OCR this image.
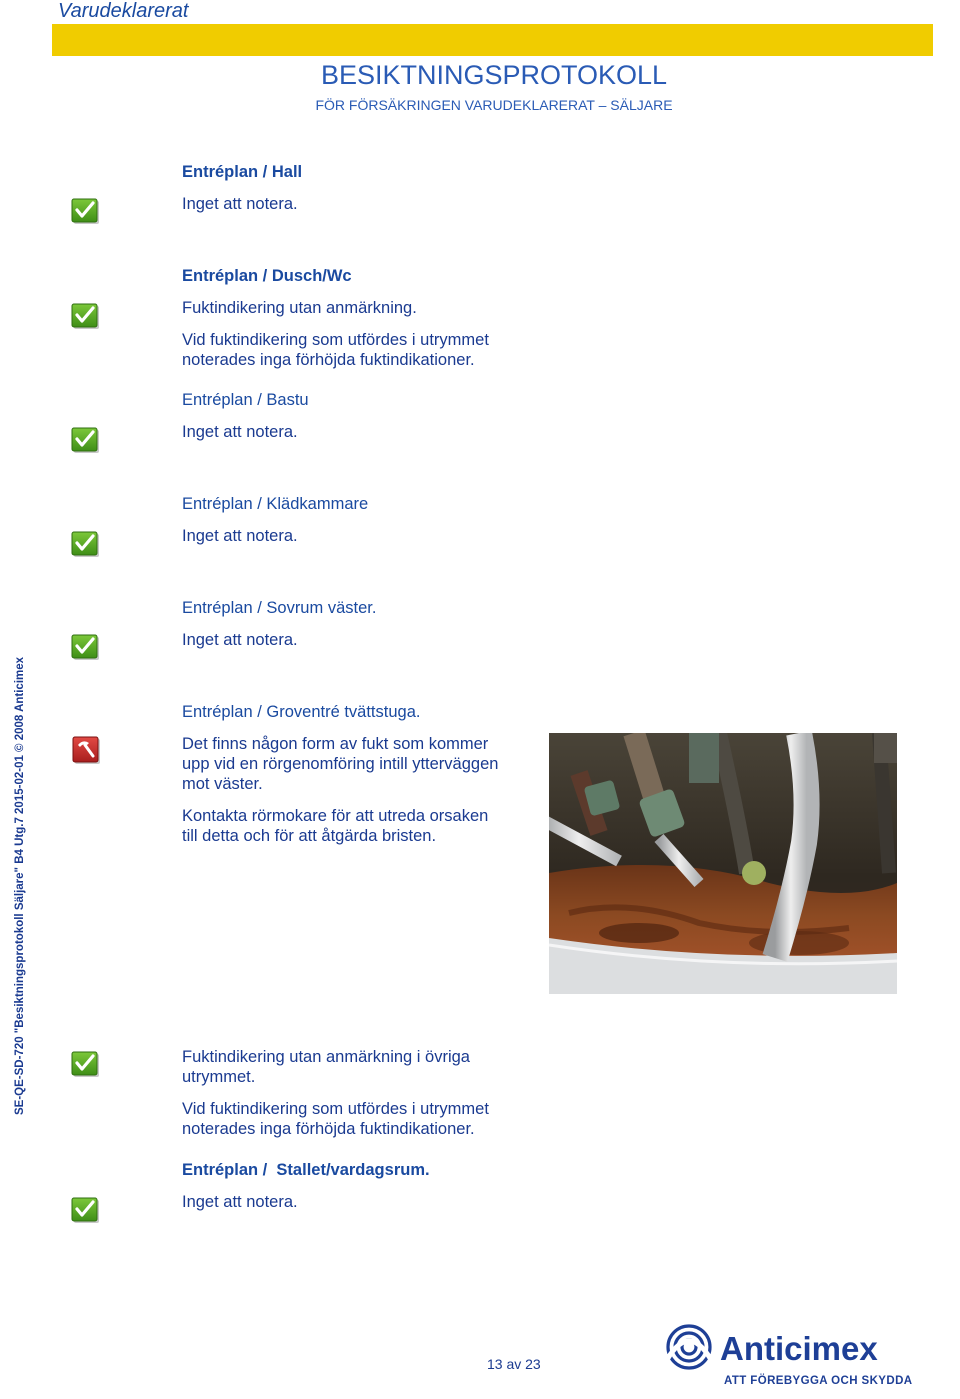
Varudeklarerat
BESIKTNINGSPROTOKOLL
FÖR FÖRSÄKRINGEN VARUDEKLARERAT – SÄLJARE
SE-QE-SD-720 "Besiktningsprotokoll Säljare" B4 Utg.7 2015-02-01 © 2008 Anticimex
Entréplan / Hall
Inget att notera.
Entréplan / Dusch/Wc
Fuktindikering utan anmärkning.
Vid fuktindikering som utfördes i utrymmet
noterades inga förhöjda fuktindikationer.
Entréplan / Bastu
Inget att notera.
Entréplan / Klädkammare
Inget att notera.
Entréplan / Sovrum väster.
Inget att notera.
Entréplan / Groventré tvättstuga.
Det finns någon form av fukt som kommer
upp vid en rörgenomföring intill ytterväggen
mot väster.
Kontakta rörmokare för att utreda orsaken
till detta och för att åtgärda bristen.
Fuktindikering utan anmärkning i övriga
utrymmet.
Vid fuktindikering som utfördes i utrymmet
noterades inga förhöjda fuktindikationer.
Entréplan /  Stallet/vardagsrum.
Inget att notera.
13 av 23	Anticimex
ATT FÖREBYGGA OCH SKYDDA
